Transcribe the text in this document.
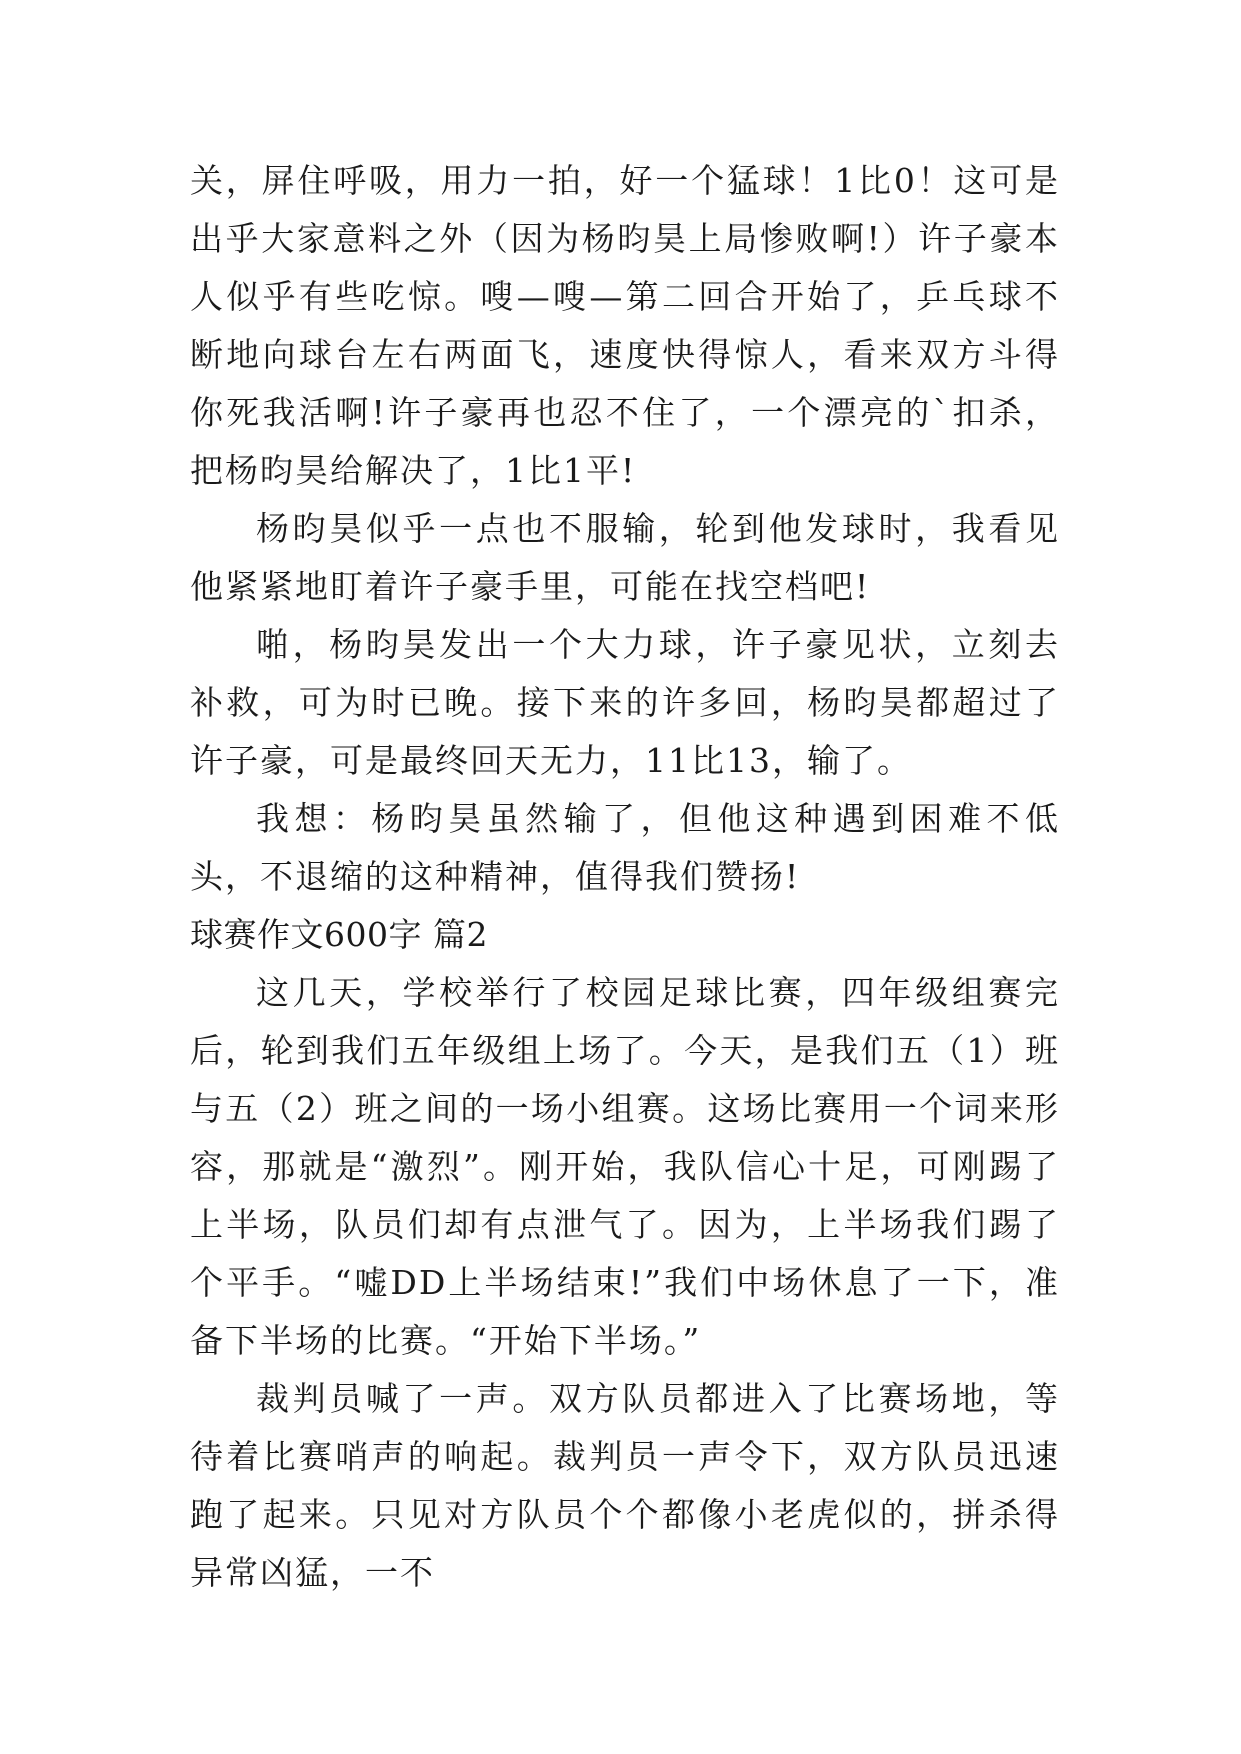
关，屏住呼吸，用力一拍，好一个猛球！1比0！这可是出乎大家意料之外（因为杨昀昊上局惨败啊!）许子豪本人似乎有些吃惊。嗖—嗖—第二回合开始了，乒乓球不断地向球台左右两面飞，速度快得惊人，看来双方斗得你死我活啊!许子豪再也忍不住了，一个漂亮的`扣杀，把杨昀昊给解决了，1比1平!

杨昀昊似乎一点也不服输，轮到他发球时，我看见他紧紧地盯着许子豪手里，可能在找空档吧!

啪，杨昀昊发出一个大力球，许子豪见状，立刻去补救，可为时已晚。接下来的许多回，杨昀昊都超过了许子豪，可是最终回天无力，11比13，输了。

我想：杨昀昊虽然输了，但他这种遇到困难不低头，不退缩的这种精神，值得我们赞扬!

球赛作文600字 篇2

这几天，学校举行了校园足球比赛，四年级组赛完后，轮到我们五年级组上场了。今天，是我们五（1）班与五（2）班之间的一场小组赛。这场比赛用一个词来形容，那就是“激烈”。刚开始，我队信心十足，可刚踢了上半场，队员们却有点泄气了。因为，上半场我们踢了个平手。“嘘DD上半场结束!”我们中场休息了一下，准备下半场的比赛。“开始下半场。”

裁判员喊了一声。双方队员都进入了比赛场地，等待着比赛哨声的响起。裁判员一声令下，双方队员迅速跑了起来。只见对方队员个个都像小老虎似的，拼杀得异常凶猛，一不
